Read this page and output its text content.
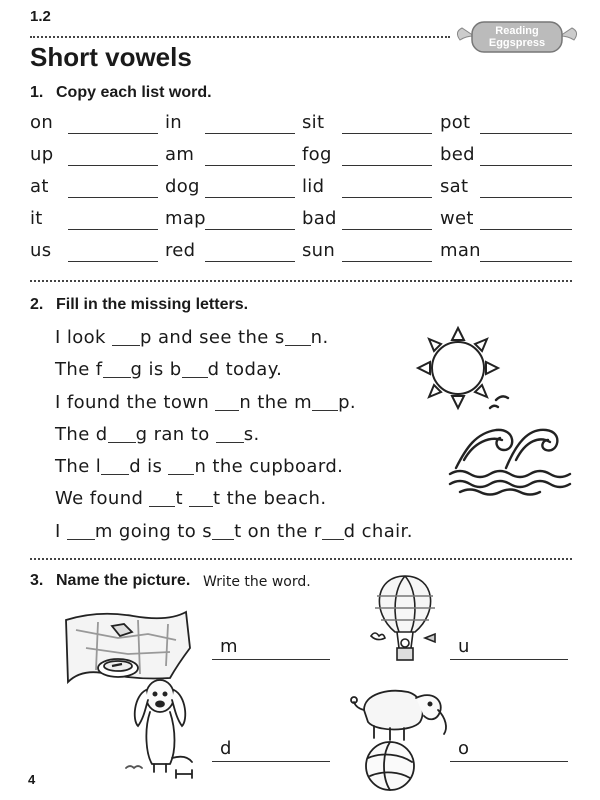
1.2
Reading Eggspress
Short vowels
1. Copy each list word.
on	in	sit	pot
up	am	fog	bed
at	dog	lid	sat
it	map	bad	wet
us	red	sun	man
2. Fill in the missing letters.
I look p and see the s n.
The f g is b d today.
I found the town n the m p.
The d g ran to s.
The l d is n the cupboard.
We found t t the beach.
I m going to s t on the r d chair.
3. Name the picture. Write the word.
m	u
d	o
4
